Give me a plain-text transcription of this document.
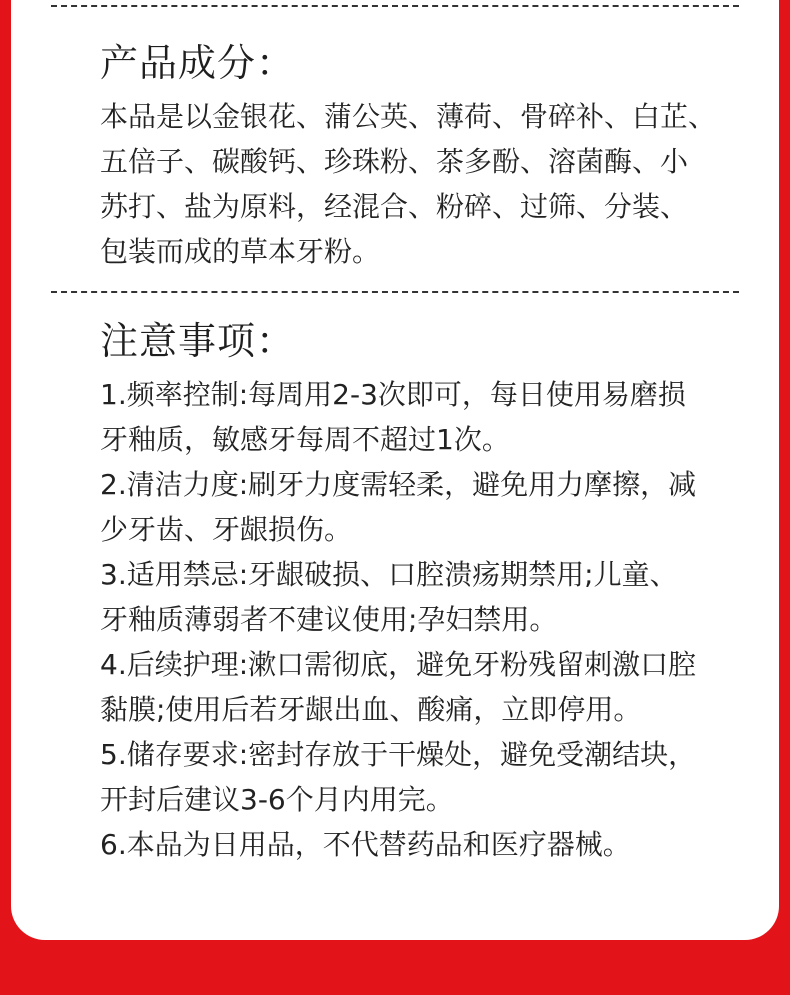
产品成分：

本品是以金银花、蒲公英、薄荷、骨碎补、白芷、

五倍子、碳酸钙、珍珠粉、茶多酚、溶菌酶、小

苏打、盐为原料，经混合、粉碎、过筛、分装、

包装而成的草本牙粉。

注意事项：

1.频率控制:每周用2-3次即可，每日使用易磨损

牙釉质，敏感牙每周不超过1次。

2.清洁力度:刷牙力度需轻柔，避免用力摩擦，减

少牙齿、牙龈损伤。

3.适用禁忌:牙龈破损、口腔溃疡期禁用;儿童、

牙釉质薄弱者不建议使用;孕妇禁用。

4.后续护理:漱口需彻底，避免牙粉残留刺激口腔

黏膜;使用后若牙龈出血、酸痛，立即停用。

5.储存要求:密封存放于干燥处，避免受潮结块，

开封后建议3-6个月内用完。

6.本品为日用品，不代替药品和医疗器械。
